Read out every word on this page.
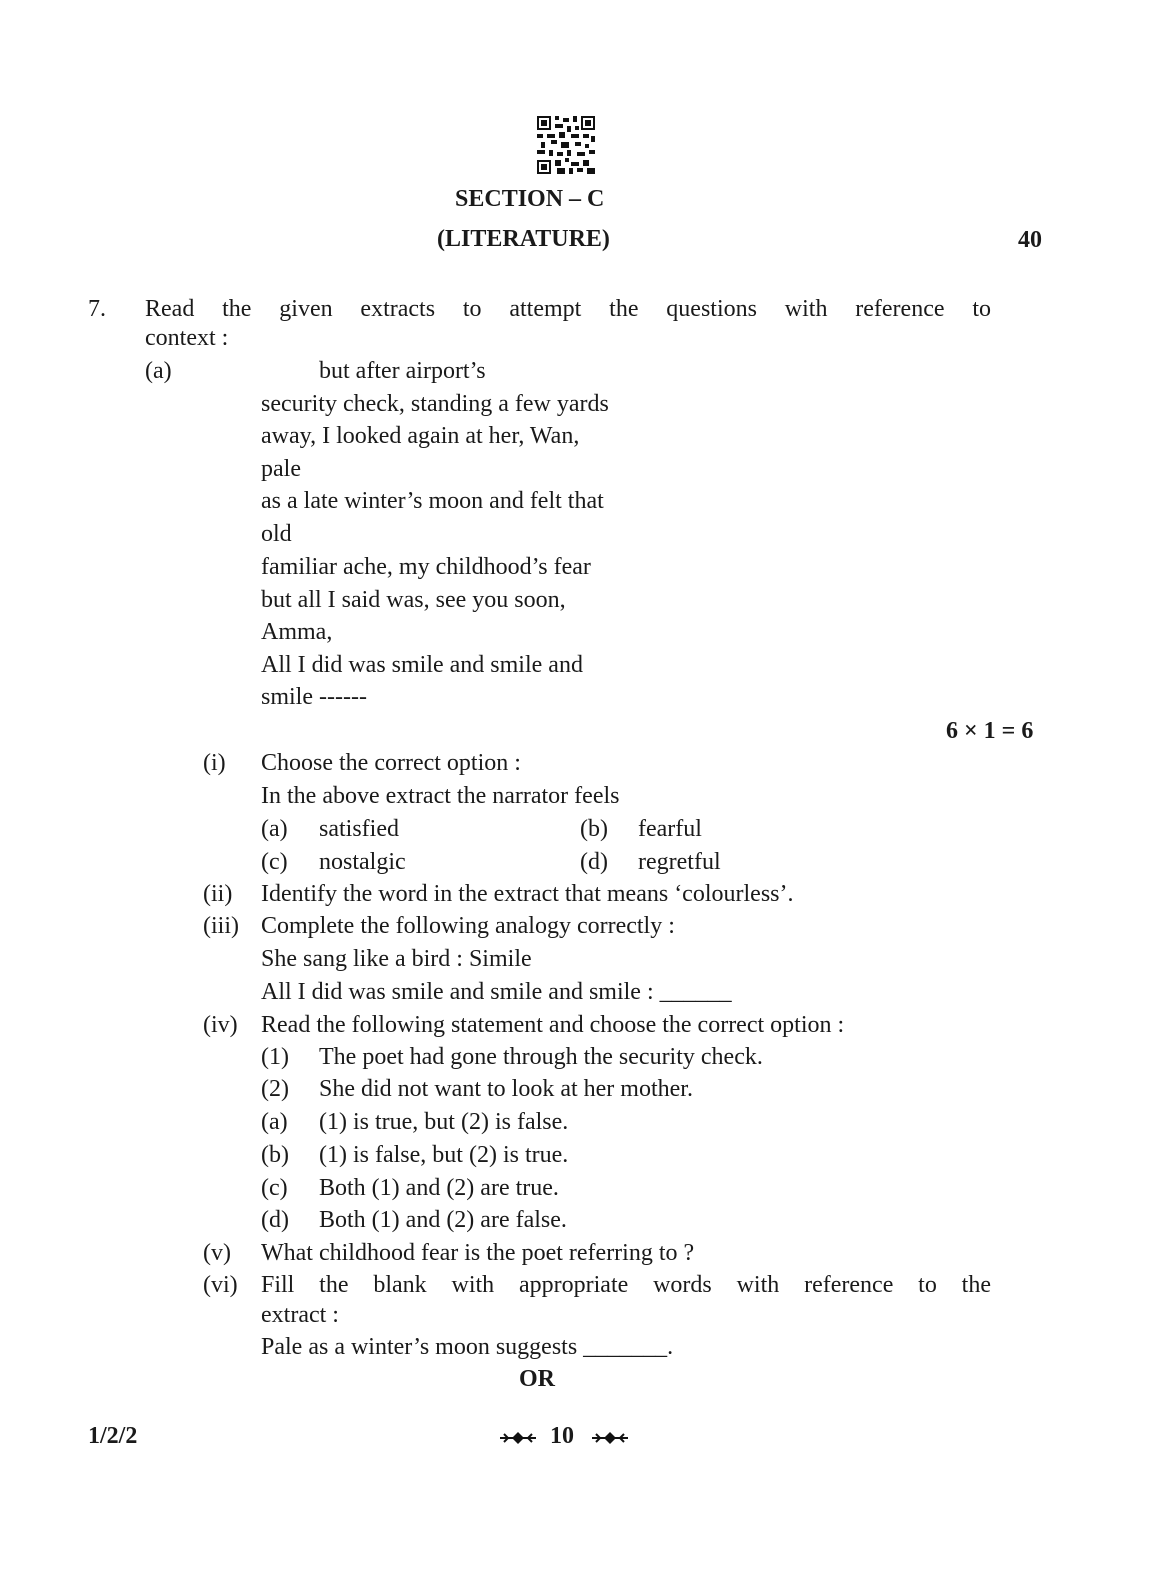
SECTION – C
(LITERATURE)	40
7. Read the given extracts to attempt the questions with reference to
context :
(a)	but after airport’s
security check, standing a few yards
away, I looked again at her, Wan,
pale
as a late winter’s moon and felt that
old
familiar ache, my childhood’s fear
but all I said was, see you soon,
Amma,
All I did was smile and smile and
smile ------
6 × 1 = 6
(i) Choose the correct option :
In the above extract the narrator feels
(a) satisfied	(b) fearful
(c) nostalgic	(d) regretful
(ii) Identify the word in the extract that means ‘colourless’.
(iii) Complete the following analogy correctly :
She sang like a bird : Simile
All I did was smile and smile and smile : ______
(iv) Read the following statement and choose the correct option :
(1) The poet had gone through the security check.
(2) She did not want to look at her mother.
(a) (1) is true, but (2) is false.
(b) (1) is false, but (2) is true.
(c) Both (1) and (2) are true.
(d) Both (1) and (2) are false.
(v) What childhood fear is the poet referring to ?
(vi) Fill the blank with appropriate words with reference to the
extract :
Pale as a winter’s moon suggests _______.
OR
1/2/2	10
